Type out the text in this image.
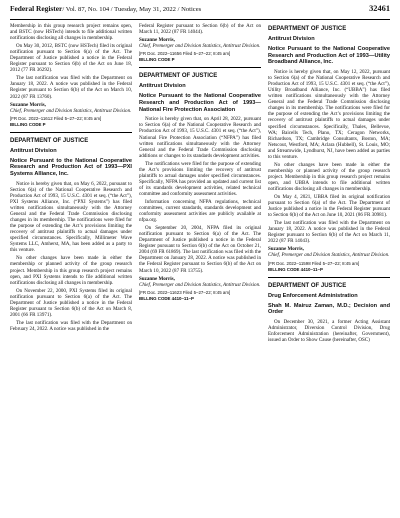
Federal Register / Vol. 87, No. 104 / Tuesday, May 31, 2022 / Notices	32461

Membership in this group research project remains open, and BSTC (now HSTech) intends to file additional written notifications disclosing all changes in membership.

On May 30, 2012, BSTC (now HSTech) filed its original notification pursuant to Section 6(a) of the Act. The Department of Justice published a notice in the Federal Register pursuant to Section 6(b) of the Act on June 18, 2012 (77 FR 36292).

The last notification was filed with the Department on January 18, 2022. A notice was published in the Federal Register pursuant to Section 6(b) of the Act on March 10, 2022 (87 FR 13760).

Suzanne Morris,

Chief, Premerger and Division Statistics, Antitrust Division.

[FR Doc. 2022–11612 Filed 5–27–22; 8:45 am]

BILLING CODE P

DEPARTMENT OF JUSTICE

Antitrust Division

Notice Pursuant to the National Cooperative Research and Production Act of 1993—PXI Systems Alliance, Inc.

Notice is hereby given that, on May 6, 2022, pursuant to Section 6(a) of the National Cooperative Research and Production Act of 1993, 15 U.S.C. 4301 et seq. (“the Act”), PXI Systems Alliance, Inc. (“PXI Systems”) has filed written notifications simultaneously with the Attorney General and the Federal Trade Commission disclosing changes in its membership. The notifications were filed for the purpose of extending the Act’s provisions limiting the recovery of antitrust plaintiffs to actual damages under specified circumstances. Specifically, Millimeter Wave Systems LLC, Amherst, MA, has been added as a party to this venture.

No other changes have been made in either the membership or planned activity of the group research project. Membership in this group research project remains open, and PXI Systems intends to file additional written notifications disclosing all changes in membership.

On November 22, 2000, PXI Systems filed its original notification pursuant to Section 6(a) of the Act. The Department of Justice published a notice in the Federal Register pursuant to Section 6(b) of the Act on March 8, 2001 (66 FR 13971).

The last notification was filed with the Department on February 24, 2022. A notice was published in the

Federal Register pursuant to Section 6(b) of the Act on March 11, 2022 (87 FR 14044).

Suzanne Morris,

Chief, Premerger and Division Statistics, Antitrust Division.

[FR Doc. 2022–11656 Filed 5–27–22; 8:45 am]

BILLING CODE P

DEPARTMENT OF JUSTICE

Antitrust Division

Notice Pursuant to the National Cooperative Research and Production Act of 1993—National Fire Protection Association

Notice is hereby given that, on April 28, 2022, pursuant to Section 6(a) of the National Cooperative Research and Production Act of 1993, 15 U.S.C. 4301 et seq. (“the Act”), National Fire Protection Association (“NFPA”) has filed written notifications simultaneously with the Attorney General and the Federal Trade Commission disclosing additions or changes to its standards development activities.

The notifications were filed for the purpose of extending the Act’s provisions limiting the recovery of antitrust plaintiffs to actual damages under specified circumstances. Specifically, NFPA has provided an updated and current list of its standards development activities, related technical committee and conformity assessment activities.

Information concerning NFPA regulations, technical committees, current standards, standards development and conformity assessment activities are publicly available at nfpa.org.

On September 20, 2004, NFPA filed its original notification pursuant to Section 6(a) of the Act. The Department of Justice published a notice in the Federal Register pursuant to Section 6(b) of the Act on October 21, 2004 (69 FR 61869). The last notification was filed with the Department on January 28, 2022. A notice was published in the Federal Register pursuant to Section 6(b) of the Act on March 10, 2022 (87 FR 13755).

Suzanne Morris,

Chief, Premerger and Division Statistics, Antitrust Division.

[FR Doc. 2022–11623 Filed 5–27–22; 8:45 am]

BILLING CODE 4410–11–P

DEPARTMENT OF JUSTICE

Antitrust Division

Notice Pursuant to the National Cooperative Research and Production Act of 1993—Utility Broadband Alliance, Inc.

Notice is hereby given that, on May 12, 2022, pursuant to Section 6(a) of the National Cooperative Research and Production Act of 1993, 15 U.S.C. 4301 et seq. (“the Act”), Utility Broadband Alliance, Inc. (“UBBA”) has filed written notifications simultaneously with the Attorney General and the Federal Trade Commission disclosing changes in its membership. The notifications were filed for the purpose of extending the Act’s provisions limiting the recovery of antitrust plaintiffs to actual damages under specified circumstances. Specifically, Thales, Bellevue, WA; Baicells Tech, Plano, TX; Ceragon Networks, Richardson, TX; Cambridge Consultants, Boston, MA; Netscout, Westford, MA; Aclara (Hubbell), St. Louis, MO; and Streamwide, Lyndhurst, NJ, have been added as parties to this venture.

No other changes have been made in either the membership or planned activity of the group research project. Membership in this group research project remains open, and UBBA intends to file additional written notifications disclosing all changes in membership.

On May 4, 2021, UBBA filed its original notification pursuant to Section 6(a) of the Act. The Department of Justice published a notice in the Federal Register pursuant to Section 6(b) of the Act on June 10, 2021 (86 FR 30981).

The last notification was filed with the Department on January 18, 2022. A notice was published in the Federal Register pursuant to Section 6(b) of the Act on March 11, 2022 (87 FR 14043).

Suzanne Morris,

Chief, Premerger and Division Statistics, Antitrust Division.

[FR Doc. 2022–11598 Filed 5–27–22; 8:45 am]

BILLING CODE 4410–11–P

DEPARTMENT OF JUSTICE

Drug Enforcement Administration

Shah M. Mairuz Zaman, M.D.; Decision and Order

On December 30, 2021, a former Acting Assistant Administrator, Diversion Control Division, Drug Enforcement Administration (hereinafter, Government), issued an Order to Show Cause (hereinafter, OSC)
